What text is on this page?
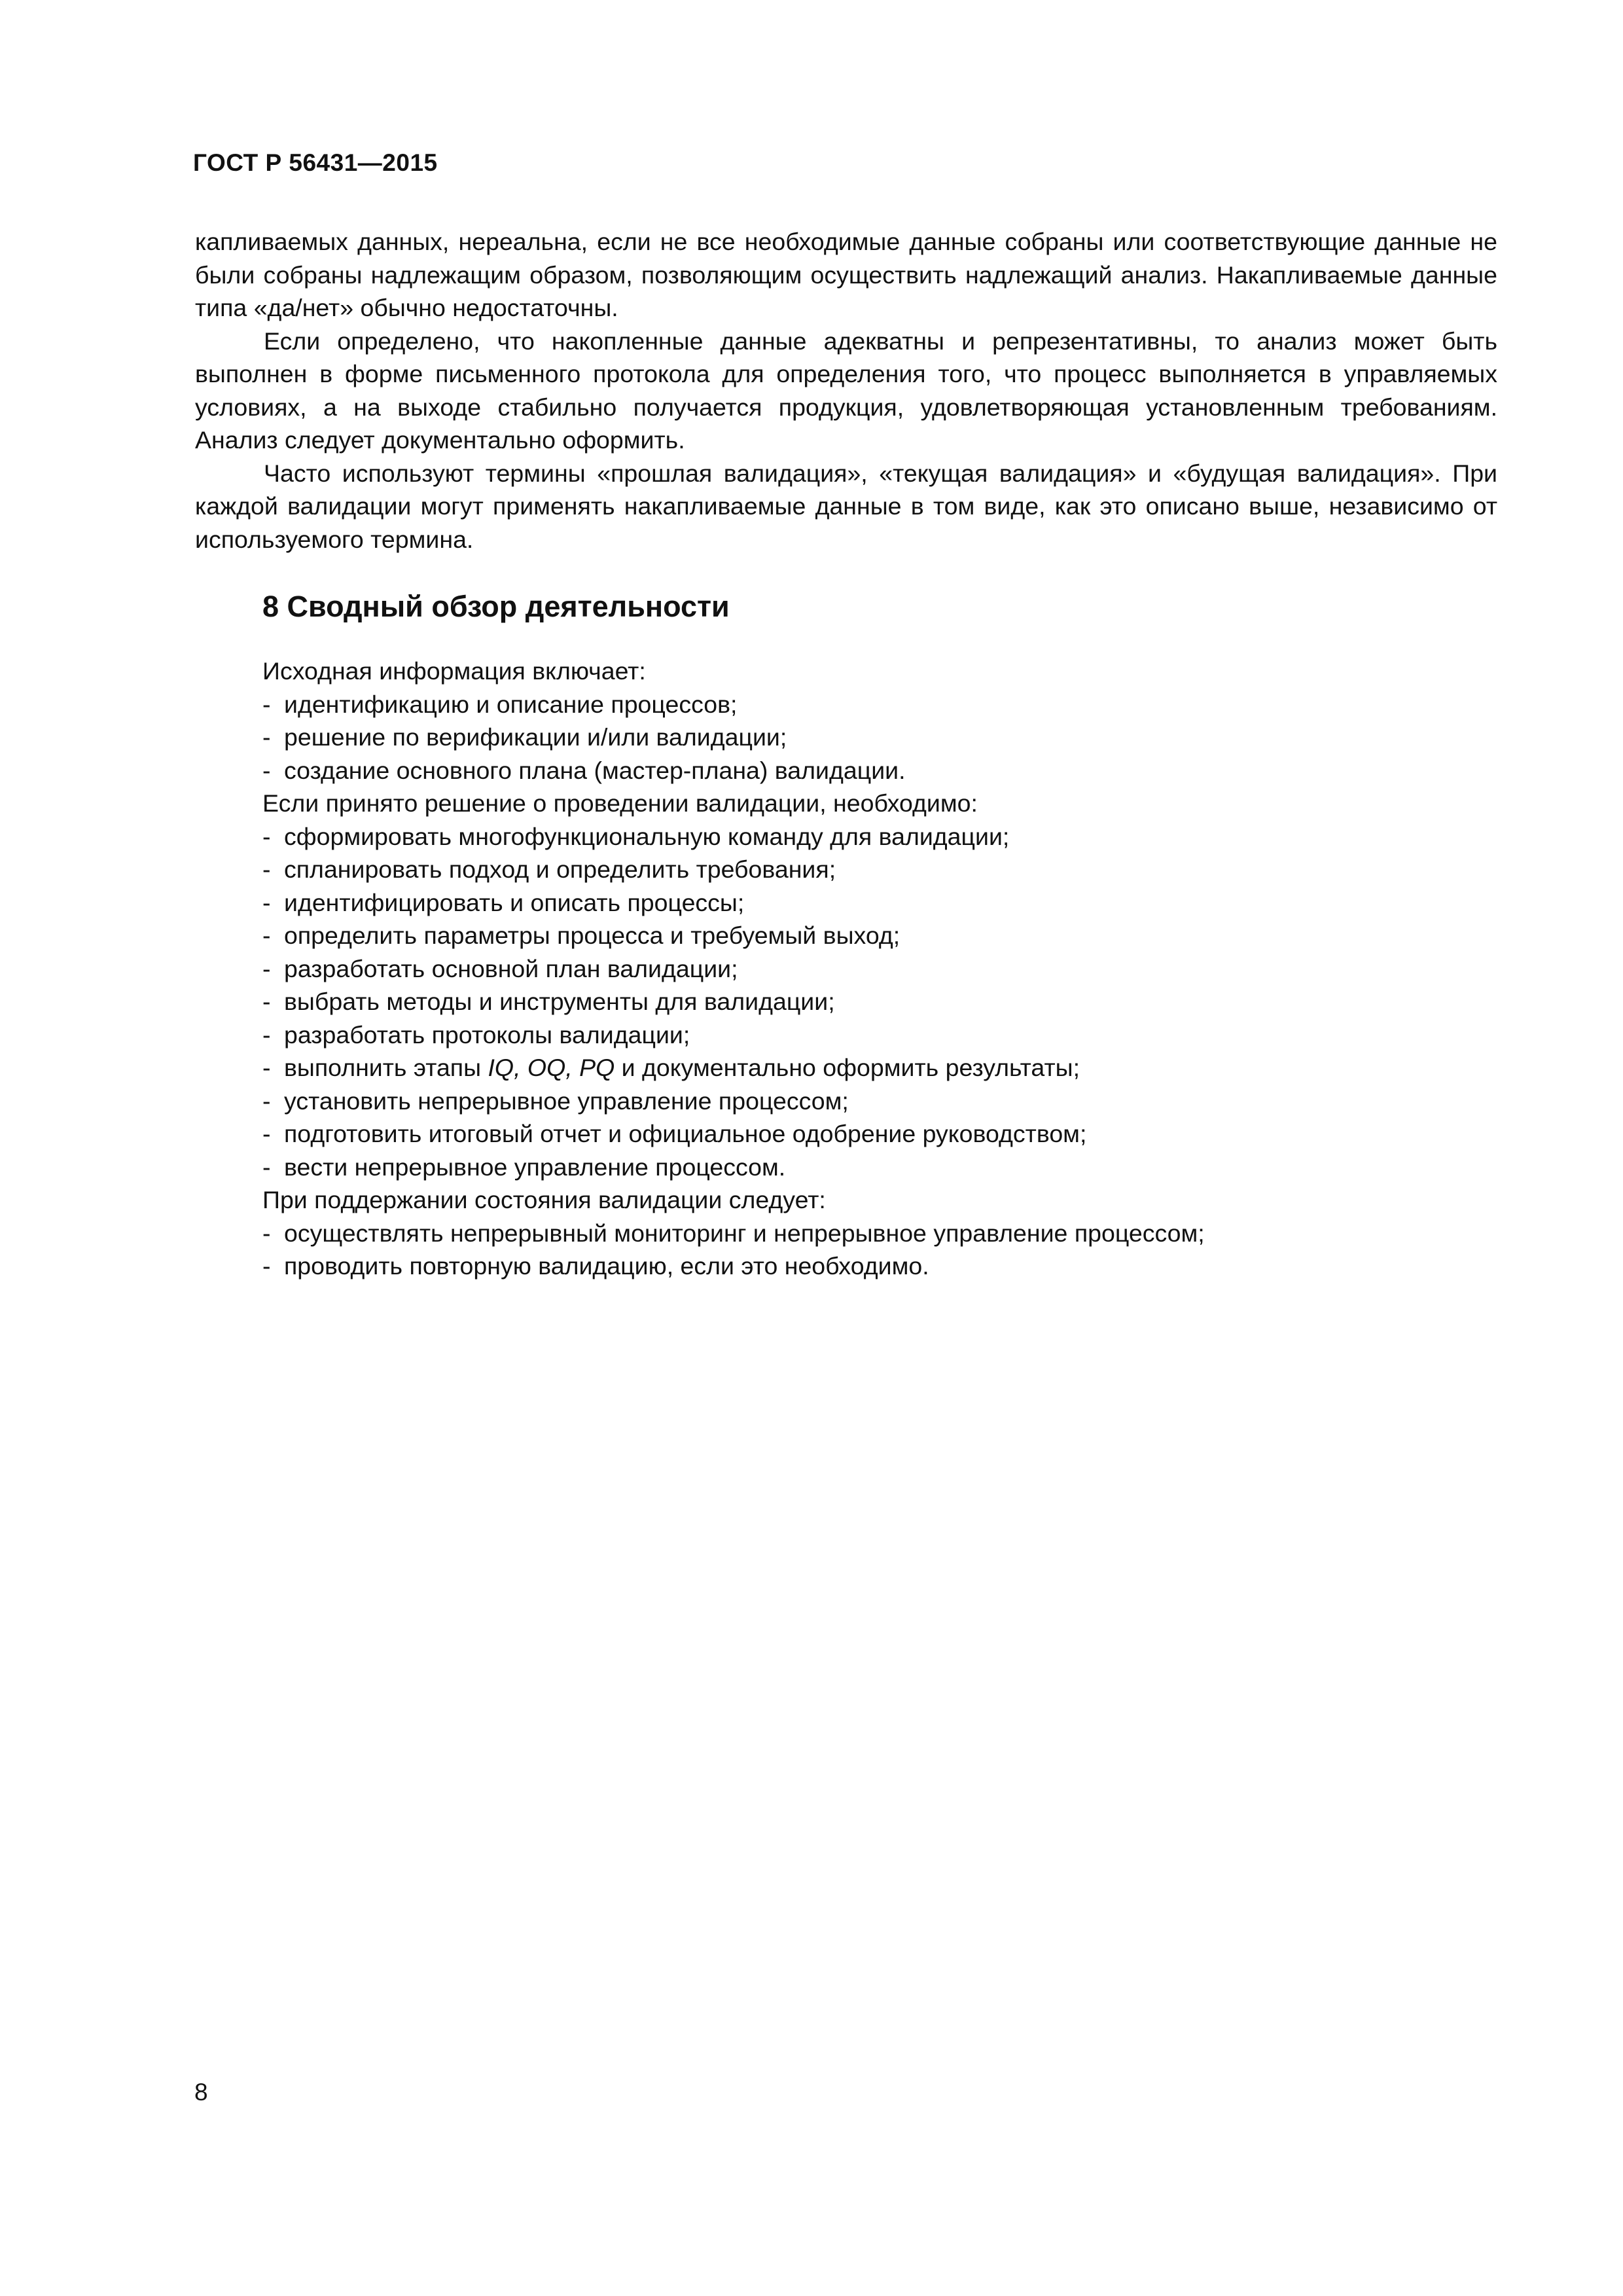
ГОСТ Р 56431—2015

капливаемых данных, нереальна, если не все необходимые данные собраны или соответствующие данные не были собраны надлежащим образом, позволяющим осуществить надлежащий анализ. Накапливаемые данные типа «да/нет» обычно недостаточны.

Если определено, что накопленные данные адекватны и репрезентативны, то анализ может быть выполнен в форме письменного протокола для определения того, что процесс выполняется в управляемых условиях, а на выходе стабильно получается продукция, удовлетворяющая установленным требованиям. Анализ следует документально оформить.

Часто используют термины «прошлая валидация», «текущая валидация» и «будущая валидация». При каждой валидации могут применять накапливаемые данные в том виде, как это описано выше, независимо от используемого термина.

8 Сводный обзор деятельности

Исходная информация включает:

- идентификацию и описание процессов;
- решение по верификации и/или валидации;
- создание основного плана (мастер-плана) валидации.

Если принято решение о проведении валидации, необходимо:

- сформировать многофункциональную команду для валидации;
- спланировать подход и определить требования;
- идентифицировать и описать процессы;
- определить параметры процесса и требуемый выход;
- разработать основной план валидации;
- выбрать методы и инструменты для валидации;
- разработать протоколы валидации;
- выполнить этапы IQ, OQ, PQ и документально оформить результаты;
- установить непрерывное управление процессом;
- подготовить итоговый отчет и официальное одобрение руководством;
- вести непрерывное управление процессом.

При поддержании состояния валидации следует:

- осуществлять непрерывный мониторинг и непрерывное управление процессом;
- проводить повторную валидацию, если это необходимо.

8
